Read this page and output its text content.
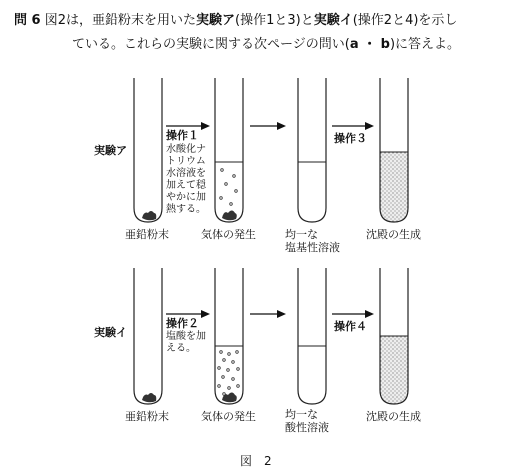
問 6 図2は，亜鉛粉末を用いた実験ア(操作1と3)と実験イ(操作2と4)を示し
ている。これらの実験に関する次ページの問い(a ・ b)に答えよ。
実験ア
操作１
水酸化ナ
トリウム
水溶液を
加えて穏
やかに加
熱する。
操作３
亜鉛粉末	気体の発生	均一な
塩基性溶液
沈殿の生成
実験イ
操作２
塩酸を加
える。
操作４
亜鉛粉末	気体の発生	均一な
酸性溶液
沈殿の生成
図　2
